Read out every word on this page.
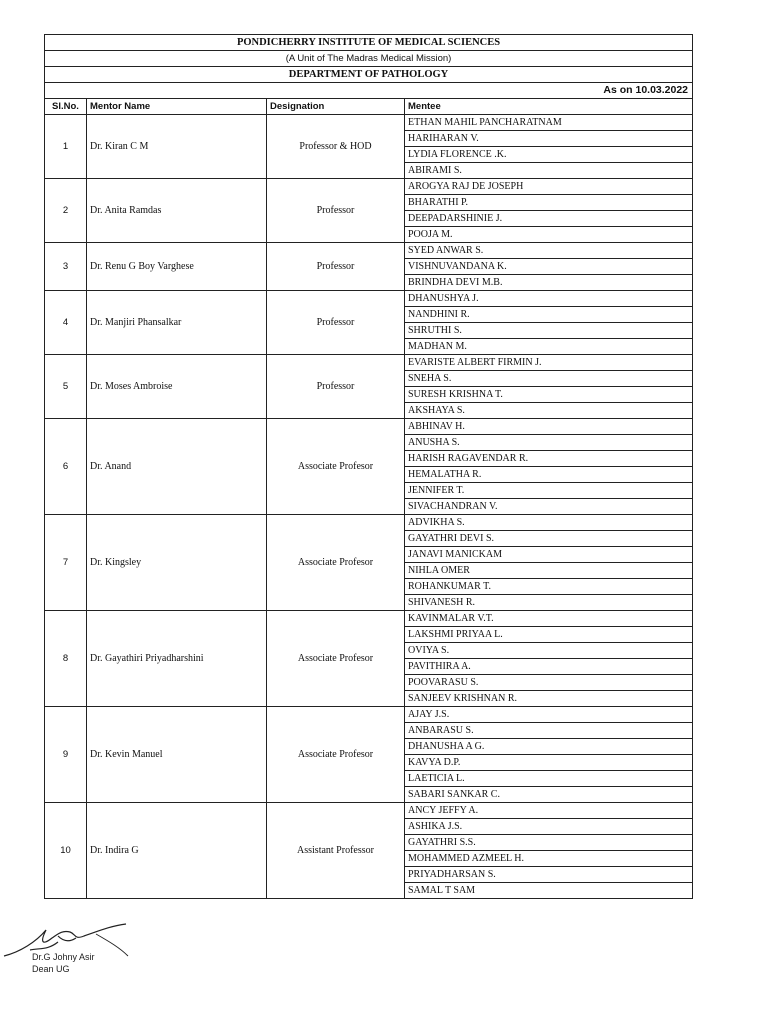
PONDICHERRY INSTITUTE OF MEDICAL SCIENCES			
(A Unit of The Madras Medical Mission)			
DEPARTMENT OF PATHOLOGY			
As on 10.03.2022			
Sl.No.	Mentor Name	Designation	Mentee
1	Dr. Kiran C M	Professor & HOD	ETHAN MAHIL PANCHARATNAM
			HARIHARAN V.
			LYDIA FLORENCE .K.
			ABIRAMI S.
2	Dr. Anita Ramdas	Professor	AROGYA RAJ DE JOSEPH
			BHARATHI P.
			DEEPADARSHINIE J.
			POOJA M.
3	Dr. Renu G Boy Varghese	Professor	SYED ANWAR S.
			VISHNUVANDANA K.
			BRINDHA DEVI M.B.
4	Dr. Manjiri Phansalkar	Professor	DHANUSHYA J.
			NANDHINI R.
			SHRUTHI S.
			MADHAN M.
5	Dr. Moses Ambroise	Professor	EVARISTE ALBERT FIRMIN J.
			SNEHA S.
			SURESH KRISHNA T.
			AKSHAYA S.
6	Dr. Anand	Associate Profesor	ABHINAV H.
			ANUSHA S.
			HARISH RAGAVENDAR R.
			HEMALATHA R.
			JENNIFER T.
			SIVACHANDRAN V.
7	Dr. Kingsley	Associate Profesor	ADVIKHA S.
			GAYATHRI DEVI S.
			JANAVI MANICKAM
			NIHLA OMER
			ROHANKUMAR T.
			SHIVANESH R.
8	Dr. Gayathiri Priyadharshini	Associate Profesor	KAVINMALAR V.T.
			LAKSHMI PRIYAA L.
			OVIYA S.
			PAVITHIRA A.
			POOVARASU S.
			SANJEEV KRISHNAN R.
9	Dr. Kevin Manuel	Associate Profesor	AJAY J.S.
			ANBARASU S.
			DHANUSHA A G.
			KAVYA D.P.
			LAETICIA L.
			SABARI SANKAR C.
10	Dr. Indira G	Assistant Professor	ANCY JEFFY A.
			ASHIKA J.S.
			GAYATHRI S.S.
			MOHAMMED AZMEEL H.
			PRIYADHARSAN S.
			SAMAL T SAM
Dr.G Johny Asir
Dean UG
